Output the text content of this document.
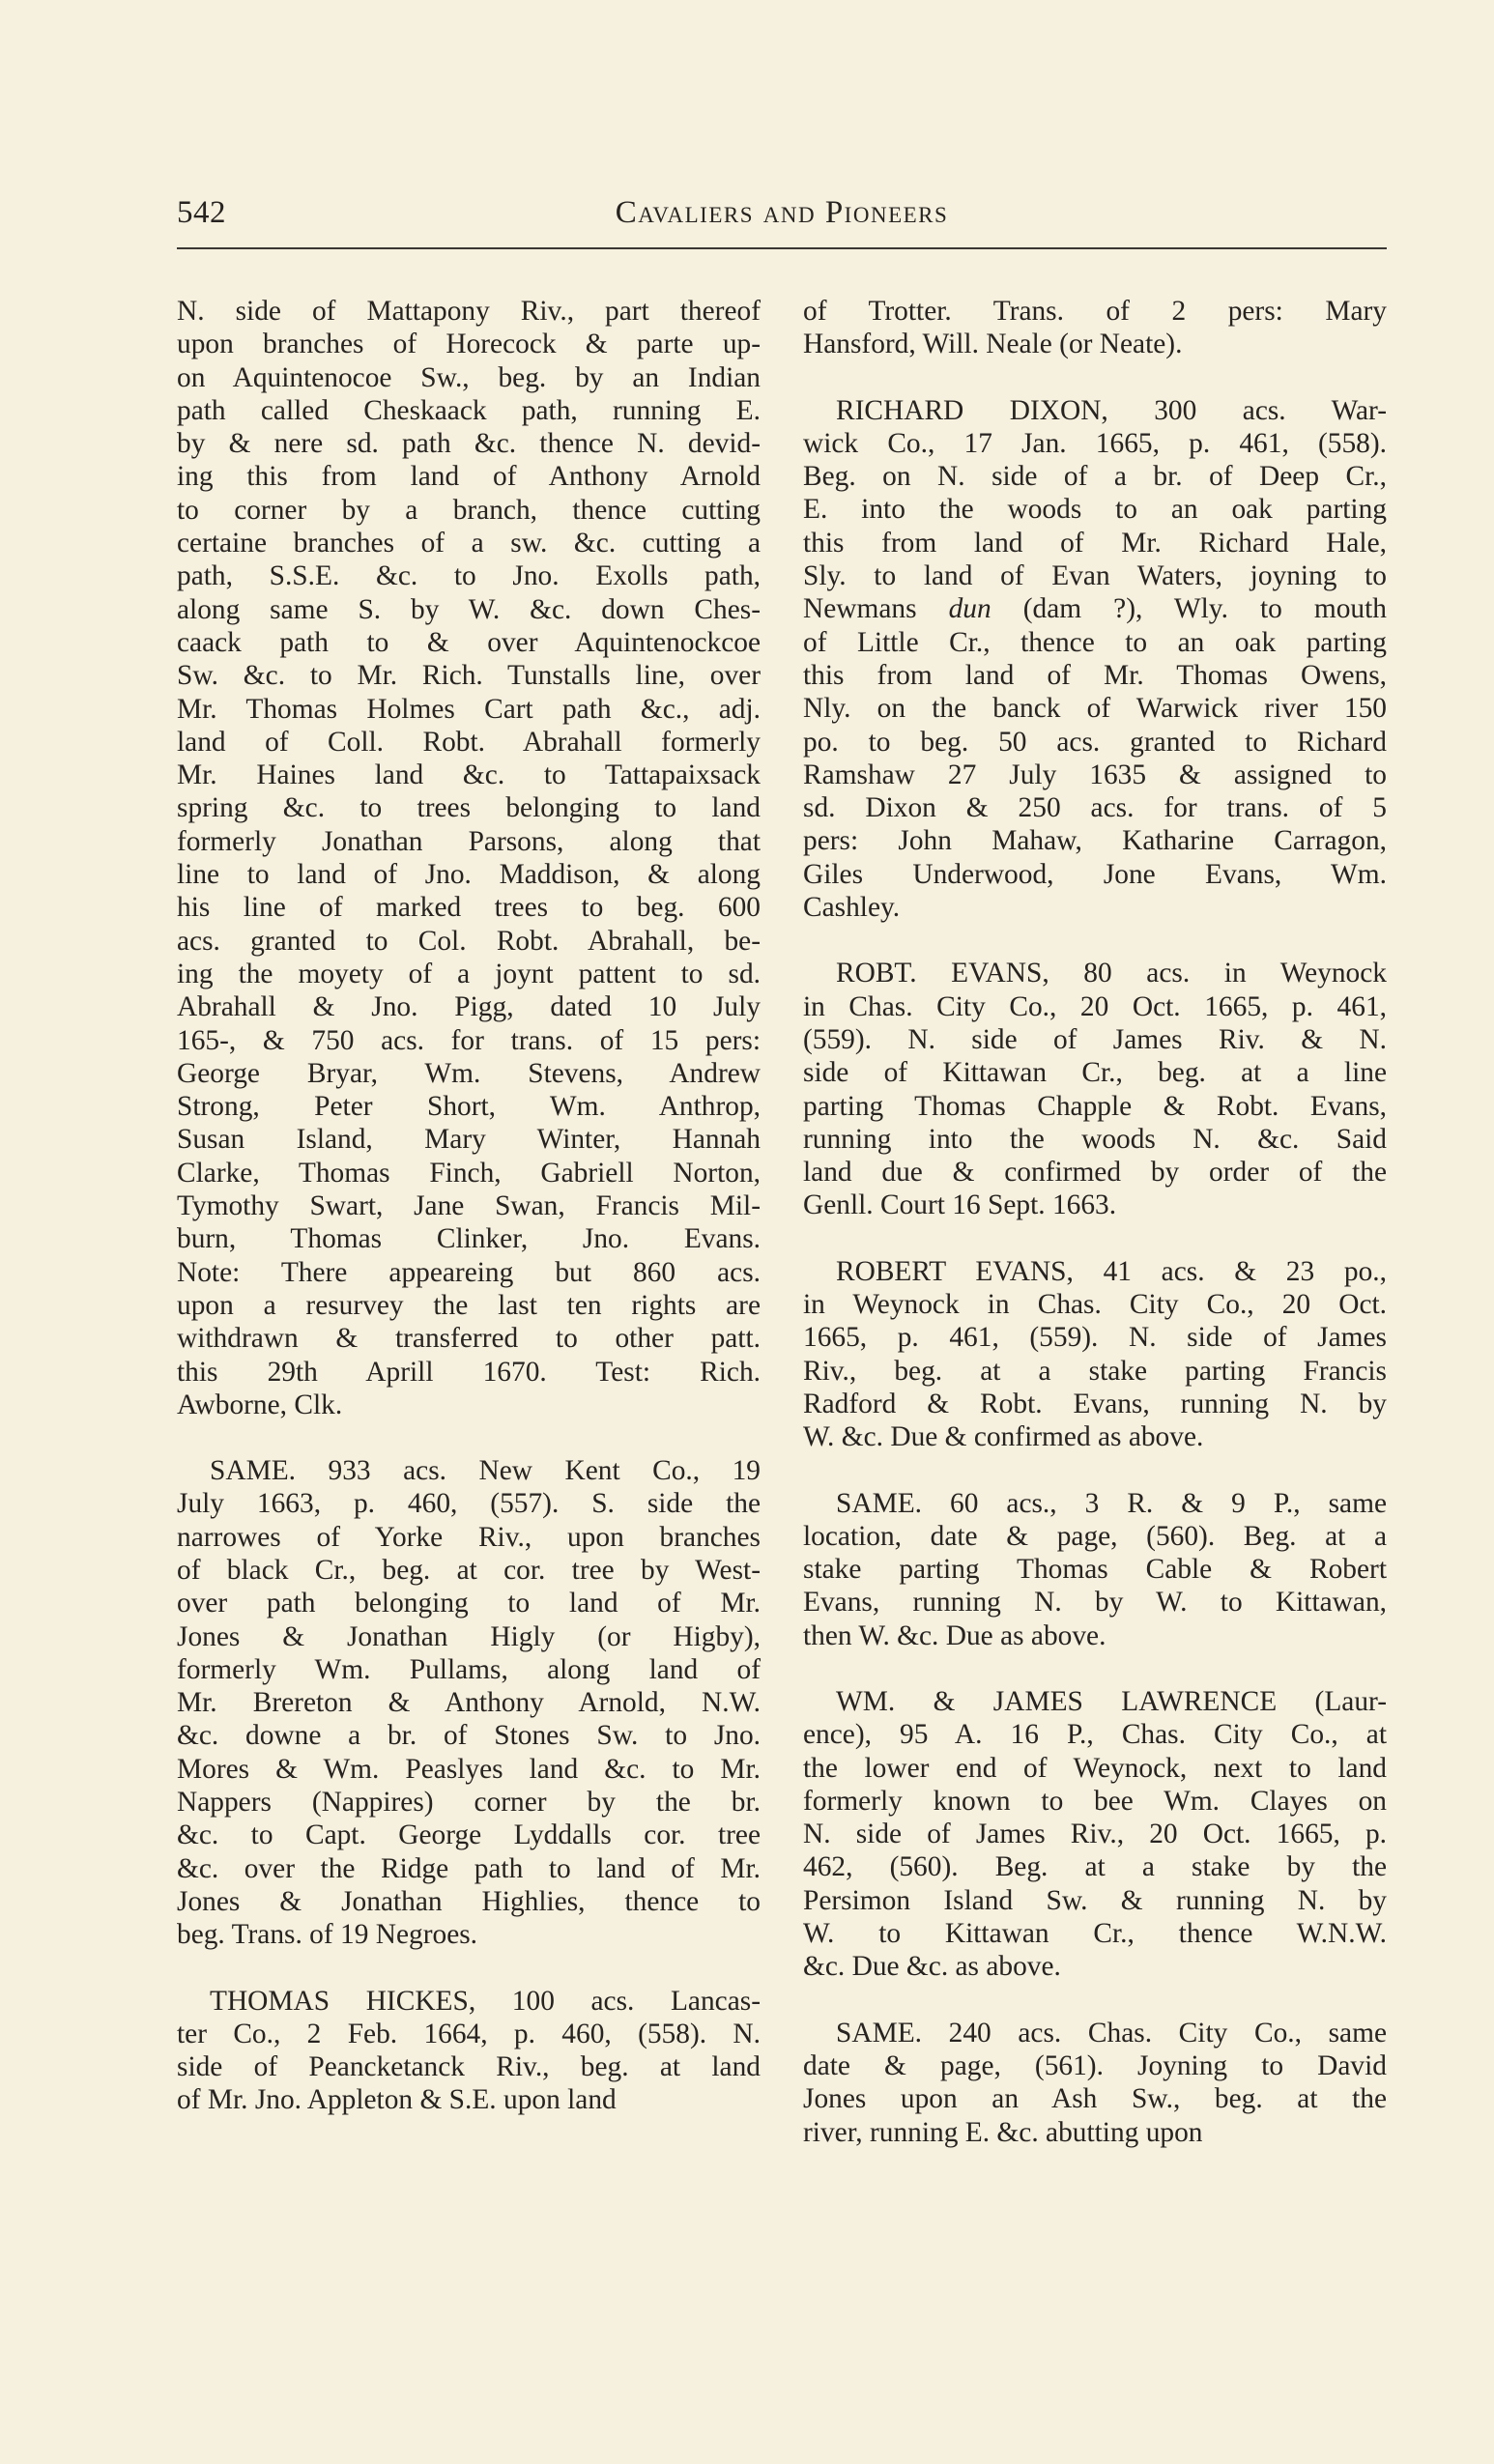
542	Cavaliers and Pioneers

N. side of Mattapony Riv., part thereof
upon branches of Horecock & parte up-
on Aquintenocoe Sw., beg. by an Indian
path called Cheskaack path, running E.
by & nere sd. path &c. thence N. devid-
ing this from land of Anthony Arnold
to corner by a branch, thence cutting
certaine branches of a sw. &c. cutting a
path, S.S.E. &c. to Jno. Exolls path,
along same S. by W. &c. down Ches-
caack path to & over Aquintenockcoe
Sw. &c. to Mr. Rich. Tunstalls line, over
Mr. Thomas Holmes Cart path &c., adj.
land of Coll. Robt. Abrahall formerly
Mr. Haines land &c. to Tattapaixsack
spring &c. to trees belonging to land
formerly Jonathan Parsons, along that
line to land of Jno. Maddison, & along
his line of marked trees to beg. 600
acs. granted to Col. Robt. Abrahall, be-
ing the moyety of a joynt pattent to sd.
Abrahall & Jno. Pigg, dated 10 July
165-, & 750 acs. for trans. of 15 pers:
George Bryar, Wm. Stevens, Andrew
Strong, Peter Short, Wm. Anthrop,
Susan Island, Mary Winter, Hannah
Clarke, Thomas Finch, Gabriell Norton,
Tymothy Swart, Jane Swan, Francis Mil-
burn, Thomas Clinker, Jno. Evans.
Note: There appeareing but 860 acs.
upon a resurvey the last ten rights are
withdrawn & transferred to other patt.
this 29th Aprill 1670. Test: Rich.
Awborne, Clk.

SAME. 933 acs. New Kent Co., 19
July 1663, p. 460, (557). S. side the
narrowes of Yorke Riv., upon branches
of black Cr., beg. at cor. tree by West-
over path belonging to land of Mr.
Jones & Jonathan Higly (or Higby),
formerly Wm. Pullams, along land of
Mr. Brereton & Anthony Arnold, N.W.
&c. downe a br. of Stones Sw. to Jno.
Mores & Wm. Peaslyes land &c. to Mr.
Nappers (Nappires) corner by the br.
&c. to Capt. George Lyddalls cor. tree
&c. over the Ridge path to land of Mr.
Jones & Jonathan Highlies, thence to
beg. Trans. of 19 Negroes.

THOMAS HICKES, 100 acs. Lancas-
ter Co., 2 Feb. 1664, p. 460, (558). N.
side of Peancketanck Riv., beg. at land
of Mr. Jno. Appleton & S.E. upon land

of Trotter. Trans. of 2 pers: Mary
Hansford, Will. Neale (or Neate).

RICHARD DIXON, 300 acs. War-
wick Co., 17 Jan. 1665, p. 461, (558).
Beg. on N. side of a br. of Deep Cr.,
E. into the woods to an oak parting
this from land of Mr. Richard Hale,
Sly. to land of Evan Waters, joyning to
Newmans dun (dam ?), Wly. to mouth
of Little Cr., thence to an oak parting
this from land of Mr. Thomas Owens,
Nly. on the banck of Warwick river 150
po. to beg. 50 acs. granted to Richard
Ramshaw 27 July 1635 & assigned to
sd. Dixon & 250 acs. for trans. of 5
pers: John Mahaw, Katharine Carragon,
Giles Underwood, Jone Evans, Wm.
Cashley.

ROBT. EVANS, 80 acs. in Weynock
in Chas. City Co., 20 Oct. 1665, p. 461,
(559). N. side of James Riv. & N.
side of Kittawan Cr., beg. at a line
parting Thomas Chapple & Robt. Evans,
running into the woods N. &c. Said
land due & confirmed by order of the
Genll. Court 16 Sept. 1663.

ROBERT EVANS, 41 acs. & 23 po.,
in Weynock in Chas. City Co., 20 Oct.
1665, p. 461, (559). N. side of James
Riv., beg. at a stake parting Francis
Radford & Robt. Evans, running N. by
W. &c. Due & confirmed as above.

SAME. 60 acs., 3 R. & 9 P., same
location, date & page, (560). Beg. at a
stake parting Thomas Cable & Robert
Evans, running N. by W. to Kittawan,
then W. &c. Due as above.

WM. & JAMES LAWRENCE (Laur-
ence), 95 A. 16 P., Chas. City Co., at
the lower end of Weynock, next to land
formerly known to bee Wm. Clayes on
N. side of James Riv., 20 Oct. 1665, p.
462, (560). Beg. at a stake by the
Persimon Island Sw. & running N. by
W. to Kittawan Cr., thence W.N.W.
&c. Due &c. as above.

SAME. 240 acs. Chas. City Co., same
date & page, (561). Joyning to David
Jones upon an Ash Sw., beg. at the
river, running E. &c. abutting upon
